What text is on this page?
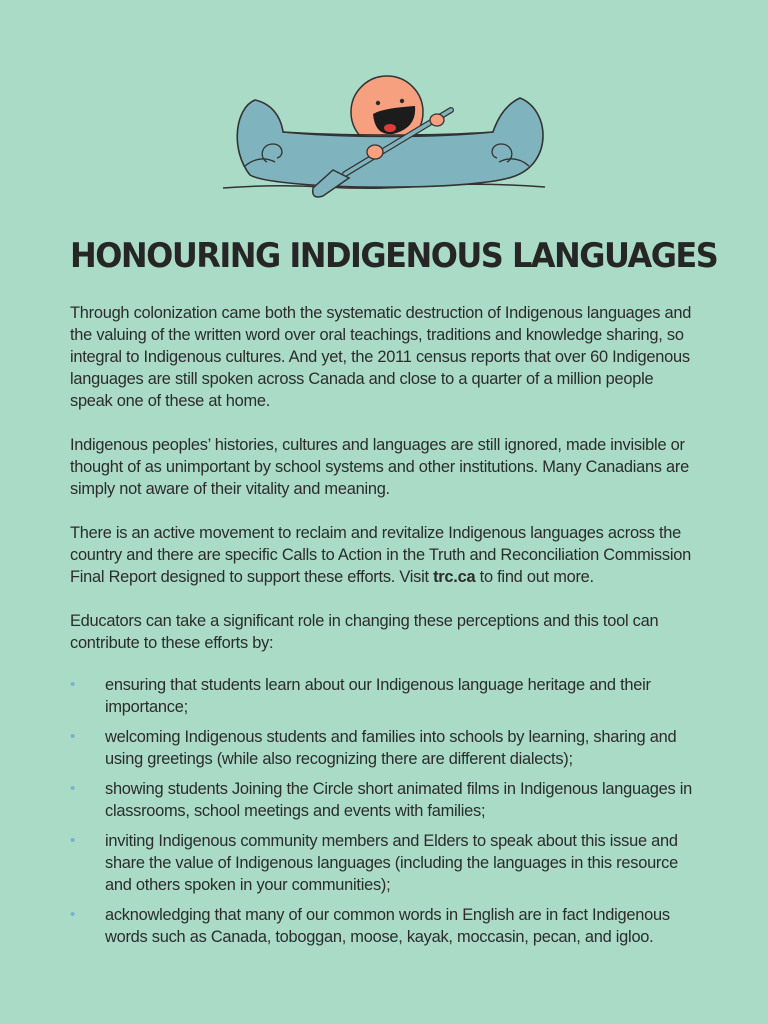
HONOURING INDIGENOUS LANGUAGES

Through colonization came both the systematic destruction of Indigenous languages and the valuing of the written word over oral teachings, traditions and knowledge sharing, so integral to Indigenous cultures. And yet, the 2011 census reports that over 60 Indigenous languages are still spoken across Canada and close to a quarter of a million people speak one of these at home.

Indigenous peoples’ histories, cultures and languages are still ignored, made invisible or thought of as unimportant by school systems and other institutions. Many Canadians are simply not aware of their vitality and meaning.

There is an active movement to reclaim and revitalize Indigenous languages across the country and there are specific Calls to Action in the Truth and Reconciliation Commission Final Report designed to support these efforts. Visit trc.ca to find out more.

Educators can take a significant role in changing these perceptions and this tool can contribute to these efforts by:

• ensuring that students learn about our Indigenous language heritage and their importance;
• welcoming Indigenous students and families into schools by learning, sharing and using greetings (while also recognizing there are different dialects);
• showing students Joining the Circle short animated films in Indigenous languages in classrooms, school meetings and events with families;
• inviting Indigenous community members and Elders to speak about this issue and share the value of Indigenous languages (including the languages in this resource and others spoken in your communities);
• acknowledging that many of our common words in English are in fact Indigenous words such as Canada, toboggan, moose, kayak, moccasin, pecan, and igloo.
